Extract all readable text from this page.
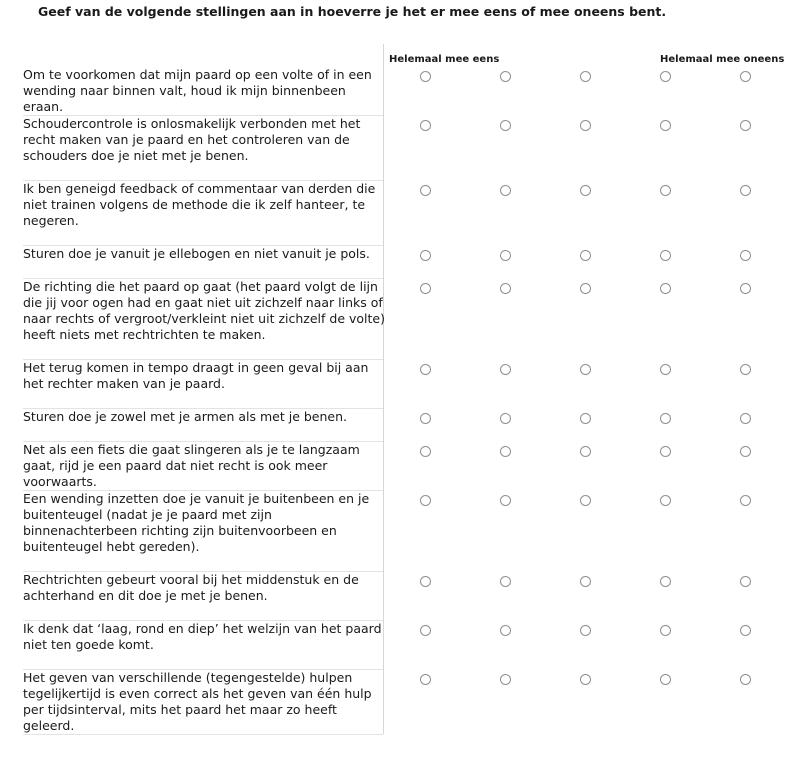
Geef van de volgende stellingen aan in hoeverre je het er mee eens of mee oneens bent.
Helemaal mee eens	Helemaal mee oneens
Om te voorkomen dat mijn paard op een volte of in een wending naar binnen valt, houd ik mijn binnenbeen eraan.
Schoudercontrole is onlosmakelijk verbonden met het recht maken van je paard en het controleren van de schouders doe je niet met je benen.
Ik ben geneigd feedback of commentaar van derden die niet trainen volgens de methode die ik zelf hanteer, te negeren.
Sturen doe je vanuit je ellebogen en niet vanuit je pols.
De richting die het paard op gaat (het paard volgt de lijn die jij voor ogen had en gaat niet uit zichzelf naar links of naar rechts of vergroot/verkleint niet uit zichzelf de volte) heeft niets met rechtrichten te maken.
Het terug komen in tempo draagt in geen geval bij aan het rechter maken van je paard.
Sturen doe je zowel met je armen als met je benen.
Net als een fiets die gaat slingeren als je te langzaam gaat, rijd je een paard dat niet recht is ook meer voorwaarts.
Een wending inzetten doe je vanuit je buitenbeen en je buitenteugel (nadat je je paard met zijn binnenachterbeen richting zijn buitenvoorbeen en buitenteugel hebt gereden).
Rechtrichten gebeurt vooral bij het middenstuk en de achterhand en dit doe je met je benen.
Ik denk dat ‘laag, rond en diep’ het welzijn van het paard niet ten goede komt.
Het geven van verschillende (tegengestelde) hulpen tegelijkertijd is even correct als het geven van één hulp per tijdsinterval, mits het paard het maar zo heeft geleerd.
